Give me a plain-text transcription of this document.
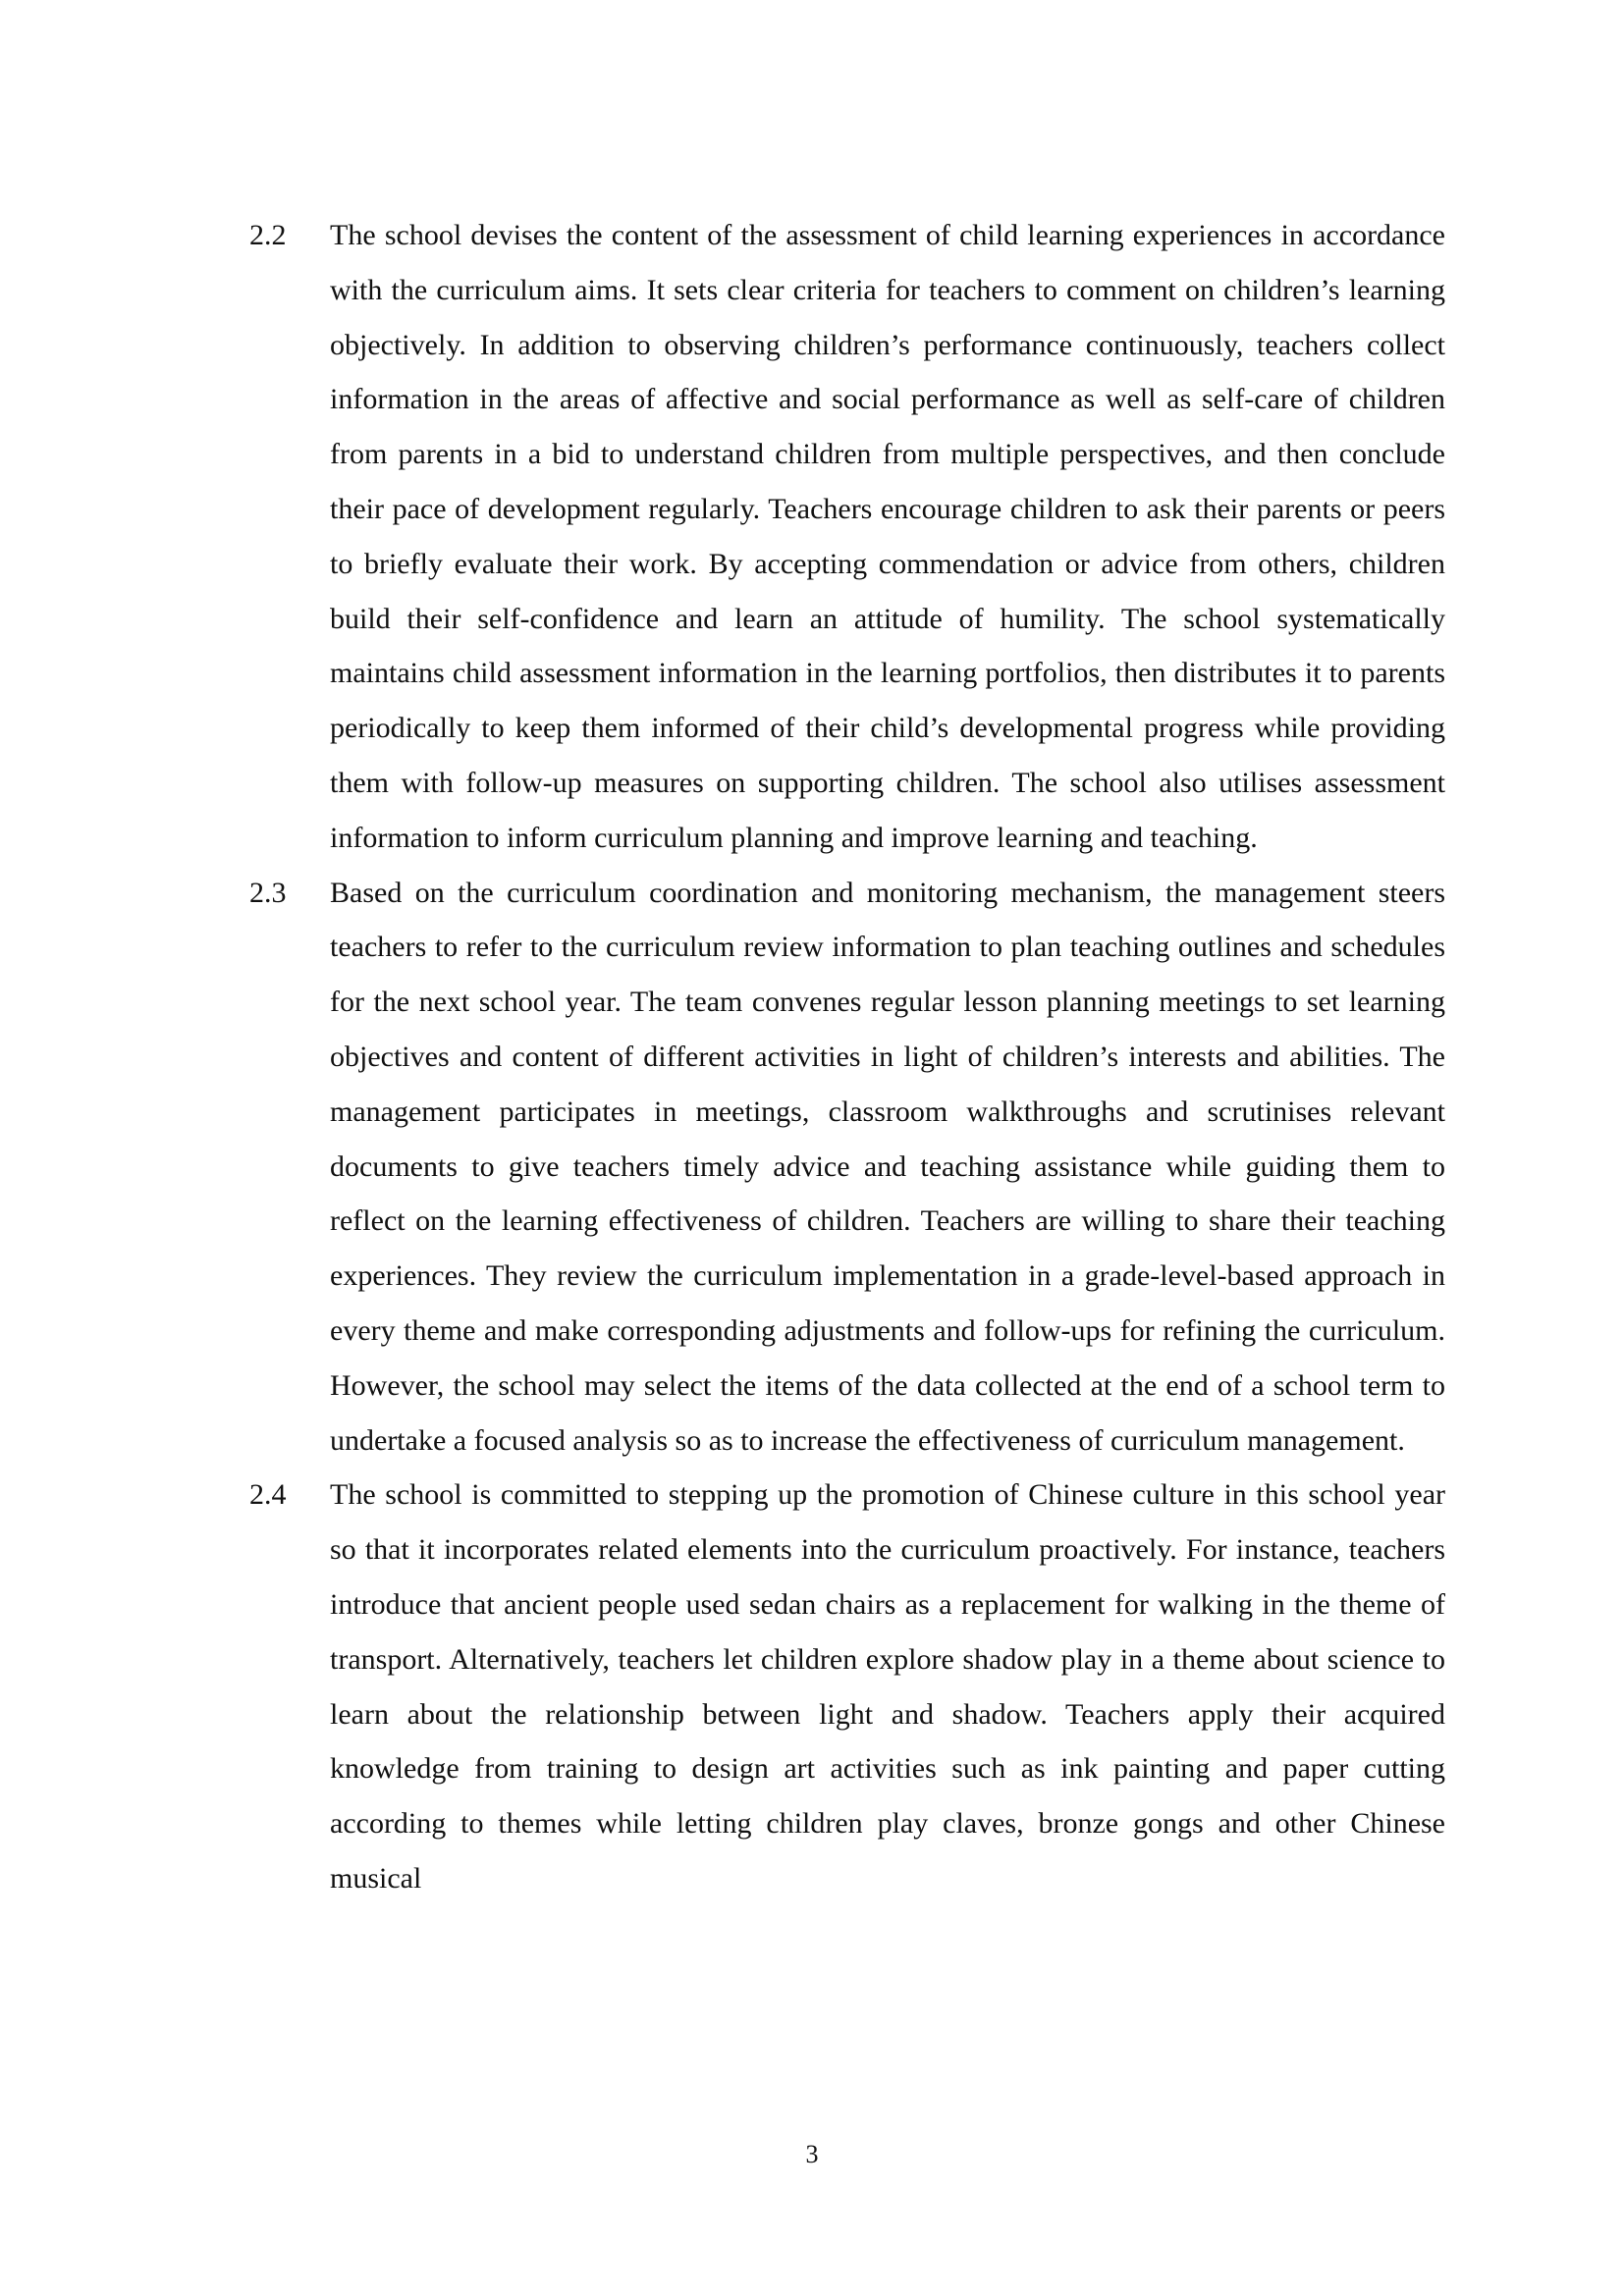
2.2	The school devises the content of the assessment of child learning experiences in accordance with the curriculum aims. It sets clear criteria for teachers to comment on children’s learning objectively. In addition to observing children’s performance continuously, teachers collect information in the areas of affective and social performance as well as self-care of children from parents in a bid to understand children from multiple perspectives, and then conclude their pace of development regularly. Teachers encourage children to ask their parents or peers to briefly evaluate their work. By accepting commendation or advice from others, children build their self-confidence and learn an attitude of humility. The school systematically maintains child assessment information in the learning portfolios, then distributes it to parents periodically to keep them informed of their child’s developmental progress while providing them with follow-up measures on supporting children. The school also utilises assessment information to inform curriculum planning and improve learning and teaching.

2.3	Based on the curriculum coordination and monitoring mechanism, the management steers teachers to refer to the curriculum review information to plan teaching outlines and schedules for the next school year. The team convenes regular lesson planning meetings to set learning objectives and content of different activities in light of children’s interests and abilities. The management participates in meetings, classroom walkthroughs and scrutinises relevant documents to give teachers timely advice and teaching assistance while guiding them to reflect on the learning effectiveness of children. Teachers are willing to share their teaching experiences. They review the curriculum implementation in a grade-level-based approach in every theme and make corresponding adjustments and follow-ups for refining the curriculum. However, the school may select the items of the data collected at the end of a school term to undertake a focused analysis so as to increase the effectiveness of curriculum management.

2.4	The school is committed to stepping up the promotion of Chinese culture in this school year so that it incorporates related elements into the curriculum proactively. For instance, teachers introduce that ancient people used sedan chairs as a replacement for walking in the theme of transport. Alternatively, teachers let children explore shadow play in a theme about science to learn about the relationship between light and shadow. Teachers apply their acquired knowledge from training to design art activities such as ink painting and paper cutting according to themes while letting children play claves, bronze gongs and other Chinese musical

3
